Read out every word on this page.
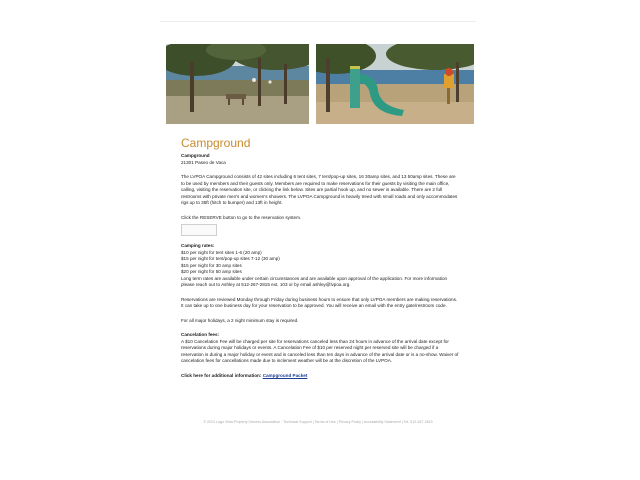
Campground

Campground

21301 Paseo de Vaca

The LVPOA Campground consists of 42 sites including 6 tent sites, 7 tent/pop-up sites, 16 30amp sites, and 13 50amp sites. These are to be used by members and their guests only. Members are required to make reservations for their guests by visiting the main office, calling, visiting the reservation site, or clicking the link below. Sites are partial hook up, and no sewer is available. There are 2 full restrooms with private men's and women's showers. The LVPOA Campground is heavily treed with small roads and only accommodates rigs up to 35ft (hitch to bumper) and 13ft in height.

Click the RESERVE button to go to the reservation system.

Camping rates:

$10 per night for tent sites 1-6 (20 amp)

$15 per night for tent/pop-up sites 7-12 (30 amp)

$15 per night for 30 amp sites

$20 per night for 50 amp sites

Long term rates are available under certain circumstances and are available upon approval of the application. For more information please reach out to Ashley at 512-267-2815 ext. 103 or by email ashley@lvpoa.org.

Reservations are reviewed Monday through Friday during business hours to ensure that only LVPOA members are making reservations. It can take up to one business day for your reservation to be approved. You will receive an email with the entry gate/restroom code.

For all major holidays, a 2 night minimum stay is required.

Cancelation fees:

A $10 Cancelation Fee will be charged per site for reservations canceled less than 24 hours in advance of the arrival date except for reservations during major holidays or events. A Cancelation Fee of $10 per reserved night per reserved site will be charged if a reservation is during a major holiday or event and is canceled less than ten days in advance of the arrival date or is a no-show. Waiver of cancelation fees for cancellations made due to inclement weather will be at the discretion of the LVPOA.

Click here for additional information: Campground Packet

© 2024 Lago Vista Property Owners Association · Technical Support | Terms of Use | Privacy Policy | Accessibility Statement | Tel: 512-267-2815
